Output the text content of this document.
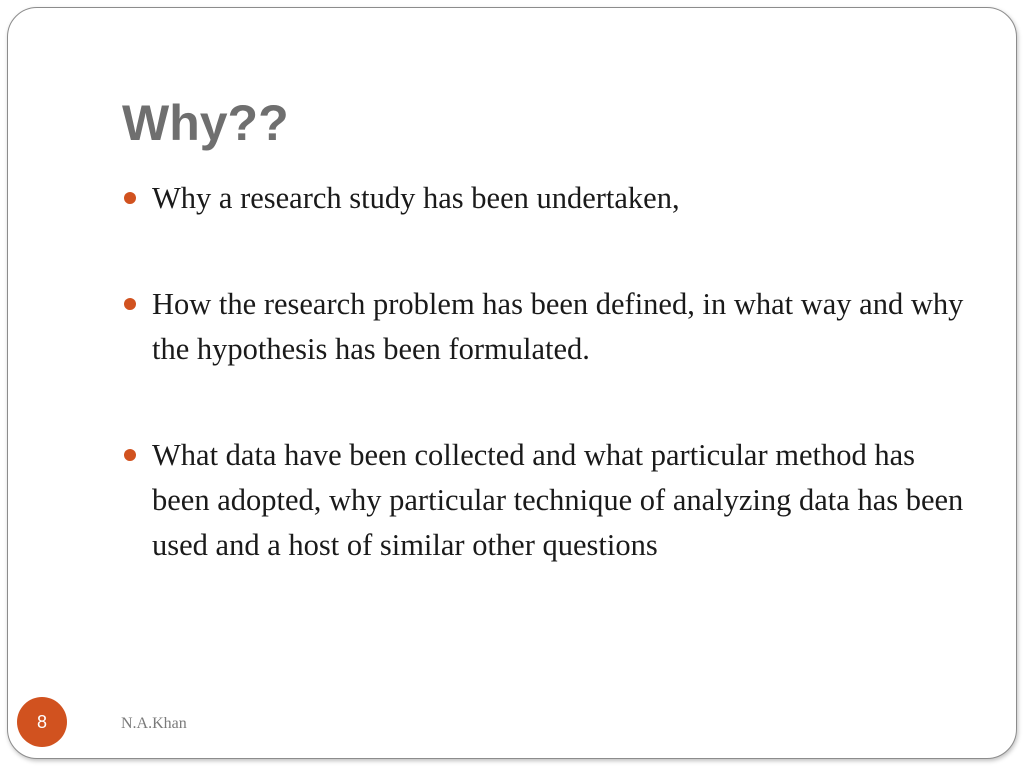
Why??
Why a research study has been undertaken,
How the research problem has been defined, in what way and why the hypothesis has been formulated.
What data have been collected and what particular method has been adopted, why particular technique of analyzing data has been used and a host of similar other questions
N.A.Khan
8
